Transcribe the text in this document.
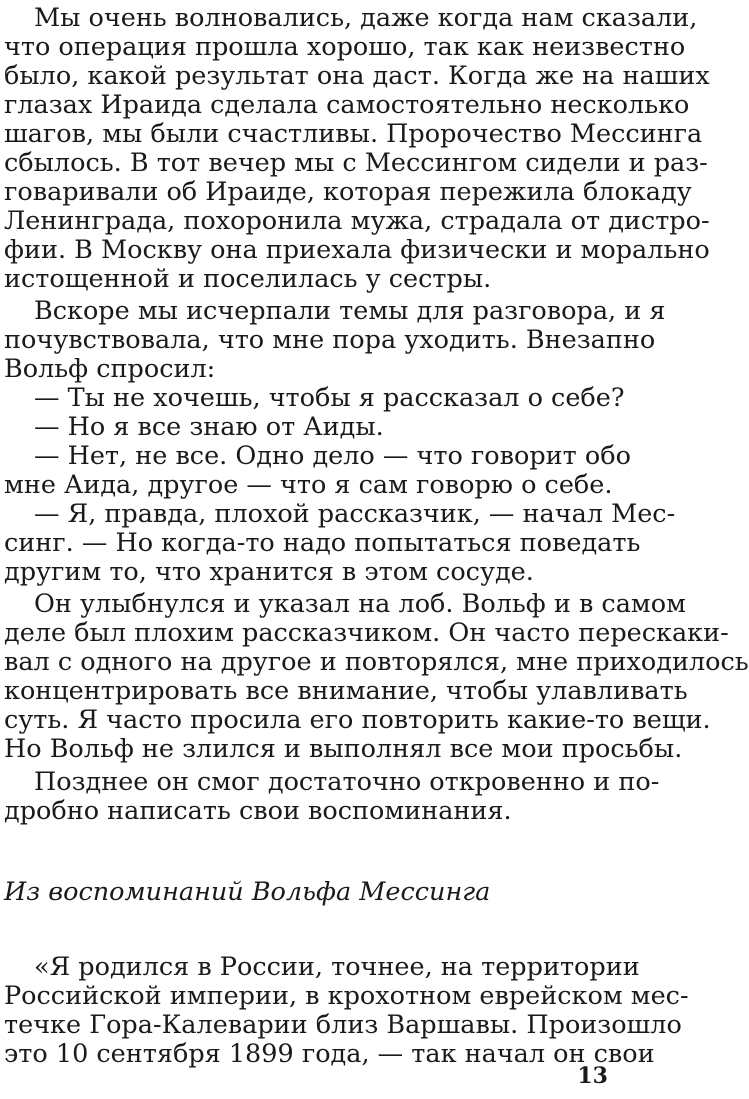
Мы очень волновались, даже когда нам сказали,
что операция прошла хорошо, так как неизвестно
было, какой результат она даст. Когда же на наших
глазах Ираида сделала самостоятельно несколько
шагов, мы были счастливы. Пророчество Мессинга
сбылось. В тот вечер мы с Мессингом сидели и раз-
говаривали об Ираиде, которая пережила блокаду
Ленинграда, похоронила мужа, страдала от дистро-
фии. В Москву она приехала физически и морально
истощенной и поселилась у сестры.
Вскоре мы исчерпали темы для разговора, и я
почувствовала, что мне пора уходить. Внезапно
Вольф спросил:
— Ты не хочешь, чтобы я рассказал о себе?
— Но я все знаю от Аиды.
— Нет, не все. Одно дело — что говорит обо
мне Аида, другое — что я сам говорю о себе.
— Я, правда, плохой рассказчик, — начал Мес-
синг. — Но когда-то надо попытаться поведать
другим то, что хранится в этом сосуде.
Он улыбнулся и указал на лоб. Вольф и в самом
деле был плохим рассказчиком. Он часто перескаки-
вал с одного на другое и повторялся, мне приходилось
концентрировать все внимание, чтобы улавливать
суть. Я часто просила его повторить какие-то вещи.
Но Вольф не злился и выполнял все мои просьбы.
Позднее он смог достаточно откровенно и по-
дробно написать свои воспоминания.
Из воспоминаний Вольфа Мессинга
«Я родился в России, точнее, на территории
Российской империи, в крохотном еврейском мес-
течке Гора-Калеварии близ Варшавы. Произошло
это 10 сентября 1899 года, — так начал он свои
13
